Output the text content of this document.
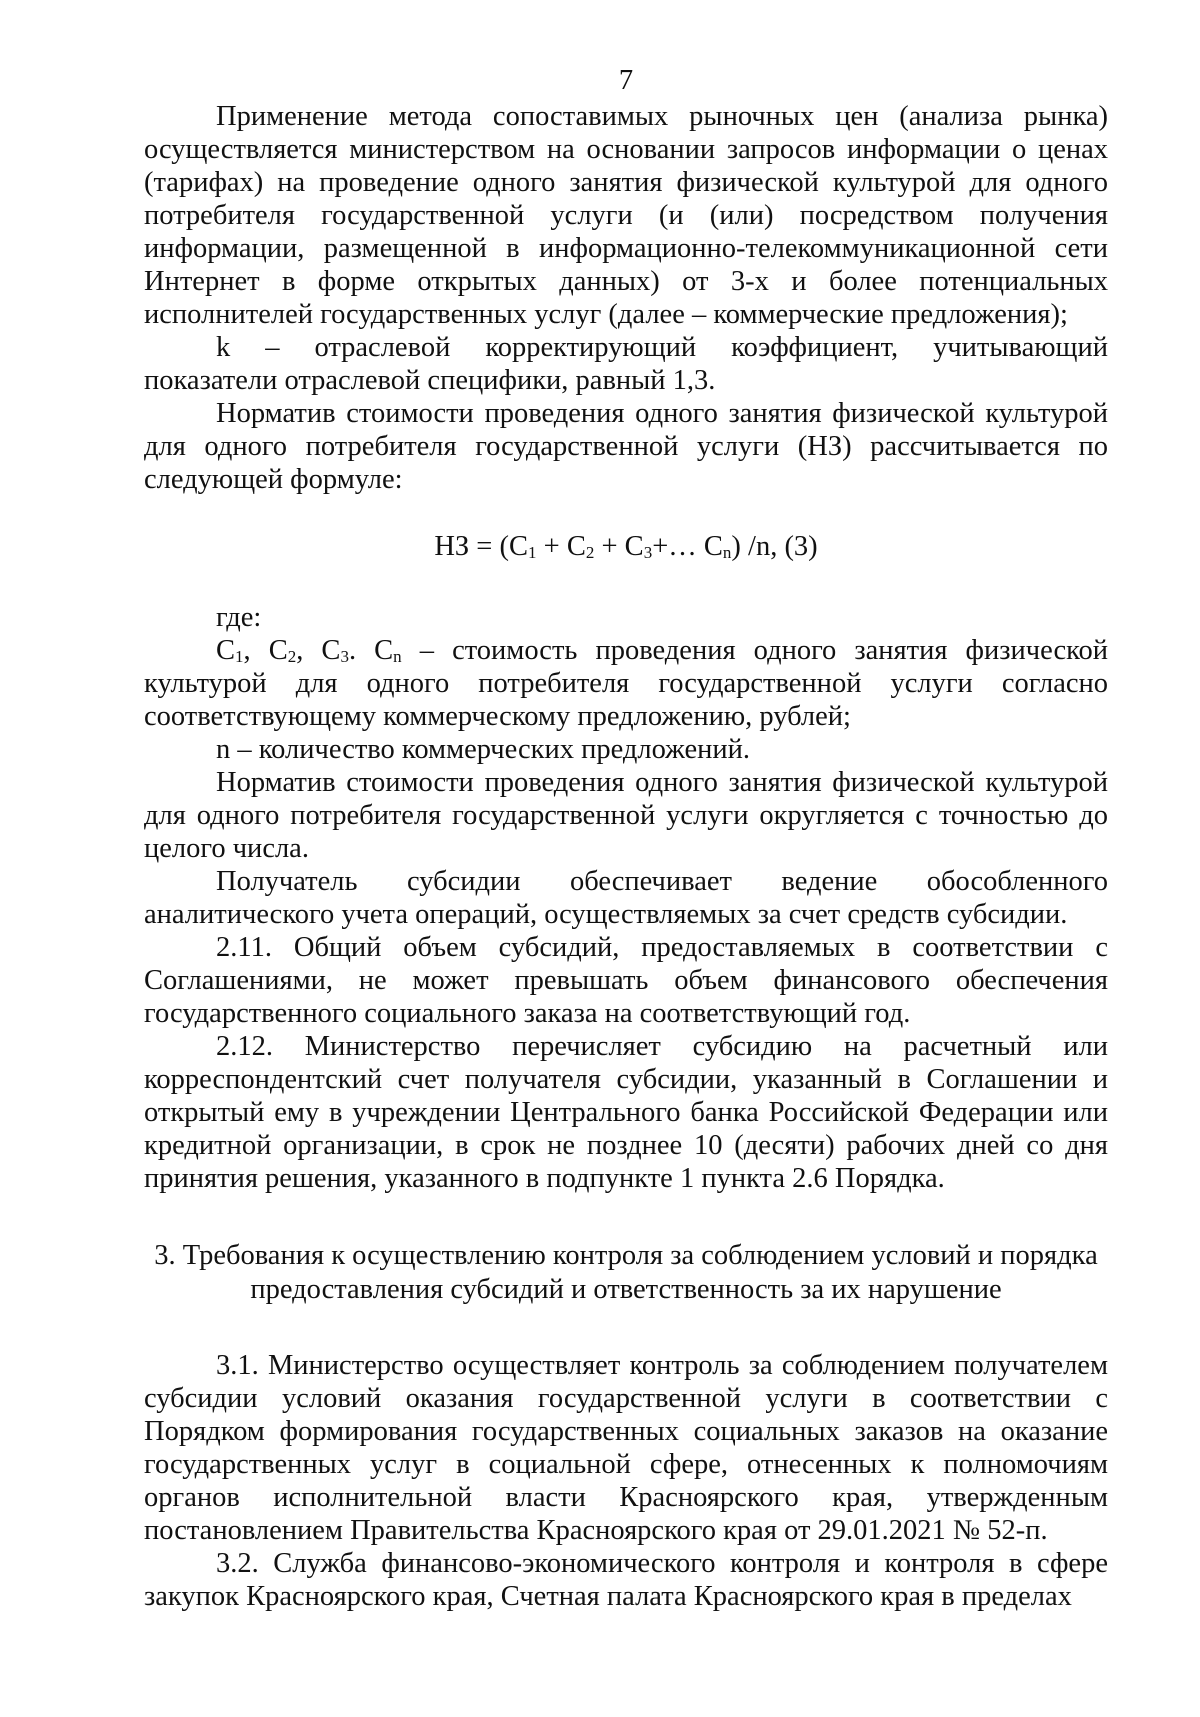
7

Применение метода сопоставимых рыночных цен (анализа рынка) осуществляется министерством на основании запросов информации о ценах (тарифах) на проведение одного занятия физической культурой для одного потребителя государственной услуги (и (или) посредством получения информации, размещенной в информационно-телекоммуникационной сети Интернет в форме открытых данных) от 3-х и более потенциальных исполнителей государственных услуг (далее – коммерческие предложения);

k – отраслевой корректирующий коэффициент, учитывающий показатели отраслевой специфики, равный 1,3.

Норматив стоимости проведения одного занятия физической культурой для одного потребителя государственной услуги (НЗ) рассчитывается по следующей формуле:

НЗ = ($C_1 + C_2$ + $C_3+\dots$ $C_n$) /n, (3)

где:

$C_1$, $C_2$, $C_3$. $C_n$ – стоимость проведения одного занятия физической культурой для одного потребителя государственной услуги согласно соответствующему коммерческому предложению, рублей;

n – количество коммерческих предложений.

Норматив стоимости проведения одного занятия физической культурой для одного потребителя государственной услуги округляется с точностью до целого числа.

Получатель субсидии обеспечивает ведение обособленного аналитического учета операций, осуществляемых за счет средств субсидии.

2.11. Общий объем субсидий, предоставляемых в соответствии с Соглашениями, не может превышать объем финансового обеспечения государственного социального заказа на соответствующий год.

2.12. Министерство перечисляет субсидию на расчетный или корреспондентский счет получателя субсидии, указанный в Соглашении и открытый ему в учреждении Центрального банка Российской Федерации или кредитной организации, в срок не позднее 10 (десяти) рабочих дней со дня принятия решения, указанного в подпункте 1 пункта 2.6 Порядка.

3. Требования к осуществлению контроля за соблюдением условий и порядка
предоставления субсидий и ответственность за их нарушение

3.1. Министерство осуществляет контроль за соблюдением получателем субсидии условий оказания государственной услуги в соответствии с Порядком формирования государственных социальных заказов на оказание государственных услуг в социальной сфере, отнесенных к полномочиям органов исполнительной власти Красноярского края, утвержденным постановлением Правительства Красноярского края от 29.01.2021 № 52-п.

3.2. Служба финансово-экономического контроля и контроля в сфере закупок Красноярского края, Счетная палата Красноярского края в пределах
